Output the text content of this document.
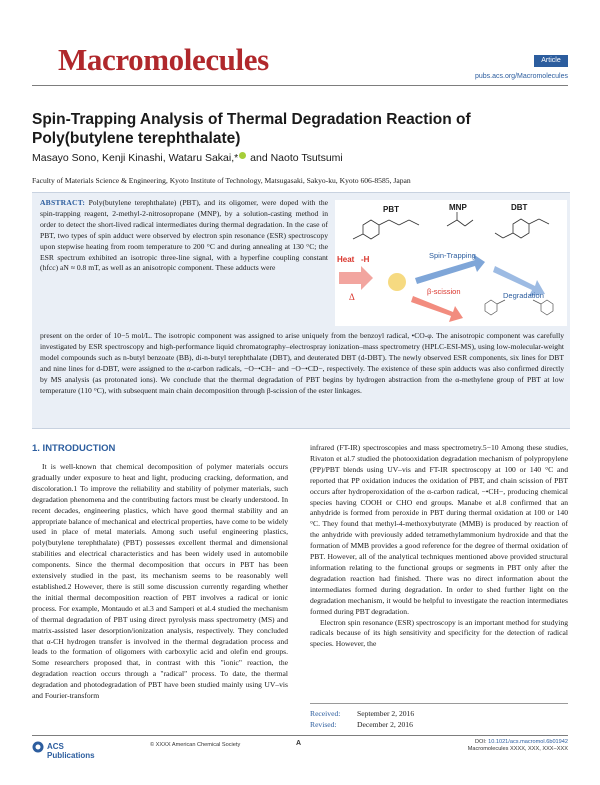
Macromolecules	Article
pubs.acs.org/Macromolecules
Spin-Trapping Analysis of Thermal Degradation Reaction of Poly(butylene terephthalate)
Masayo Sono, Kenji Kinashi, Wataru Sakai,* and Naoto Tsutsumi
Faculty of Materials Science & Engineering, Kyoto Institute of Technology, Matsugasaki, Sakyo-ku, Kyoto 606-8585, Japan
ABSTRACT: Poly(butylene terephthalate) (PBT), and its oligomer, were doped with the spin-trapping reagent, 2-methyl-2-nitrosopropane (MNP), by a solution-casting method in order to detect the short-lived radical intermediates during thermal degradation. In the case of PBT, two types of spin adduct were observed by electron spin resonance (ESR) spectroscopy upon stepwise heating from room temperature to 200 °C and during annealing at 130 °C; the ESR spectrum exhibited an isotropic three-line signal, with a hyperfine coupling constant (hfcc) aN ≈ 0.8 mT, as well as an anisotropic component. These adducts were
PBT	MNP	DBT
Heat -H
Δ
Spin-Trapping
Degradation
β-scission
present on the order of 10−5 mol/L. The isotropic component was assigned to arise uniquely from the benzoyl radical, •CO-φ. The anisotropic component was carefully investigated by ESR spectroscopy and high-performance liquid chromatography–electrospray ionization–mass spectrometry (HPLC-ESI-MS), using low-molecular-weight model compounds such as n-butyl benzoate (BB), di-n-butyl terephthalate (DBT), and deuterated DBT (d-DBT). The newly observed ESR components, six lines for DBT and nine lines for d-DBT, were assigned to the α-carbon radicals, −O−•CH− and −O−•CD−, respectively. The existence of these spin adducts was also confirmed directly by MS analysis (as protonated ions). We conclude that the thermal degradation of PBT begins by hydrogen abstraction from the α-methylene group of PBT at low temperature (110 °C), with subsequent main chain decomposition through β-scission of the ester linkages.
1. INTRODUCTION

It is well-known that chemical decomposition of polymer materials occurs gradually under exposure to heat and light, producing cracking, deformation, and discoloration.1 To improve the reliability and stability of polymer materials, such degradation phenomena and the contributing factors must be clearly understood. In recent decades, engineering plastics, which have good thermal stability and an appropriate balance of mechanical and electrical properties, have come to be widely used in place of metal materials. Among such useful engineering plastics, poly(butylene terephthalate) (PBT) possesses excellent thermal and dimensional stabilities and electrical characteristics and has been widely used in automobile components. Since the thermal decomposition that occurs in PBT has been extensively studied in the past, its mechanism seems to be reasonably well established.2 However, there is still some discussion currently regarding whether the initial thermal decomposition reaction of PBT involves a radical or ionic process. For example, Montaudo et al.3 and Samperi et al.4 studied the mechanism of thermal degradation of PBT using direct pyrolysis mass spectrometry (MS) and matrix-assisted laser desorption/ionization analysis, respectively. They concluded that α-CH hydrogen transfer is involved in the thermal degradation process and leads to the formation of oligomers with carboxylic acid and olefin end groups. Some researchers proposed that, in contrast with this "ionic" reaction, the degradation reaction occurs through a "radical" process. To date, the thermal degradation and photodegradation of PBT have been studied mainly using UV–vis and Fourier-transform

infrared (FT-IR) spectroscopies and mass spectrometry.5−10 Among these studies, Rivaton et al.7 studied the photooxidation degradation mechanism of polypropylene (PP)/PBT blends using UV–vis and FT-IR spectroscopy at 100 or 140 °C and reported that PP oxidation induces the oxidation of PBT, and chain scission of PBT occurs after hydroperoxidation of the α-carbon radical, −•CH−, producing chemical species having COOH or CHO end groups. Manabe et al.8 confirmed that an anhydride is formed from peroxide in PBT during thermal oxidation at 100 or 140 °C. They found that methyl-4-methoxybutyrate (MMB) is produced by reaction of the anhydride with previously added tetramethylammonium hydroxide and that the formation of MMB provides a good reference for the degree of thermal oxidation of PBT. However, all of the analytical techniques mentioned above provided structural information relating to the functional groups or segments in PBT only after the degradation reaction had finished. There was no direct information about the intermediates formed during degradation. In order to shed further light on the degradation mechanism, it would be helpful to investigate the reaction intermediates formed during PBT degradation.

Electron spin resonance (ESR) spectroscopy is an important method for studying radicals because of its high sensitivity and specificity for the detection of radical species. However, the

Received: September 2, 2016
Revised:	December 2, 2016
ACS Publications
© XXXX American Chemical Society	A	DOI: 10.1021/acs.macromol.6b01942
Macromolecules XXXX, XXX, XXX−XXX
